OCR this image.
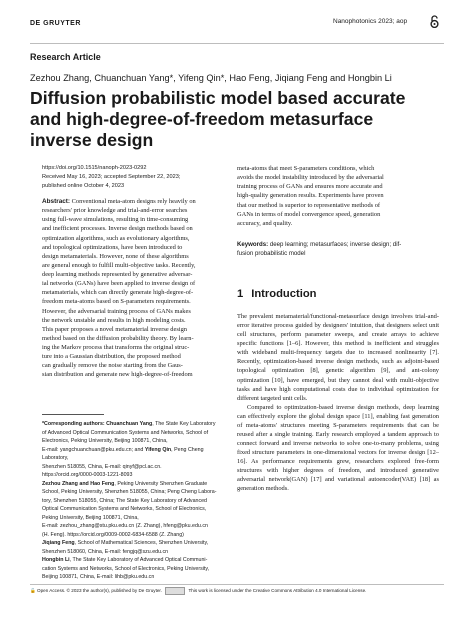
DE GRUYTER	Nanophotonics 2023; aop
Research Article
Zezhou Zhang, Chuanchuan Yang*, Yifeng Qin*, Hao Feng, Jiqiang Feng and Hongbin Li
Diffusion probabilistic model based accurate
and high-degree-of-freedom metasurface
inverse design
https://doi.org/10.1515/nanoph-2023-0292
Received May 16, 2023; accepted September 22, 2023;
published online October 4, 2023
Abstract: Conventional meta-atom designs rely heavily on
researchers' prior knowledge and trial-and-error searches
using full-wave simulations, resulting in time-consuming
and inefficient processes. Inverse design methods based on
optimization algorithms, such as evolutionary algorithms,
and topological optimizations, have been introduced to
design metamaterials. However, none of these algorithms
are general enough to fulfill multi-objective tasks. Recently,
deep learning methods represented by generative adversar-
ial networks (GANs) have been applied to inverse design of
metamaterials, which can directly generate high-degree-of-
freedom meta-atoms based on S-parameters requirements.
However, the adversarial training process of GANs makes
the network unstable and results in high modeling costs.
This paper proposes a novel metamaterial inverse design
method based on the diffusion probability theory. By learn-
ing the Markov process that transforms the original struc-
ture into a Gaussian distribution, the proposed method
can gradually remove the noise starting from the Gaus-
sian distribution and generate new high-degree-of-freedom
*Corresponding authors: Chuanchuan Yang, The State Key Laboratory
of Advanced Optical Communication Systems and Networks, School of
Electronics, Peking University, Beijing 100871, China,
E-mail: yangchuanchuan@pku.edu.cn; and Yifeng Qin, Peng Cheng Laboratory,
Shenzhen 518055, China, E-mail: qinyf@pcl.ac.cn.
https://orcid.org/0000-0003-1221-8093
Zezhou Zhang and Hao Feng, Peking University Shenzhen Graduate
School, Peking University, Shenzhen 518055, China; Peng Cheng Labora-
tory, Shenzhen 518055, China; The State Key Laboratory of Advanced
Optical Communication Systems and Networks, School of Electronics,
Peking University, Beijing 100871, China,
E-mail: zezhou_zhang@stu.pku.edu.cn (Z. Zhang), hfeng@pku.edu.cn
(H. Feng). https://orcid.org/0009-0002-6834-6588 (Z. Zhang)
Jiqiang Feng, School of Mathematical Sciences, Shenzhen University,
Shenzhen 518060, China, E-mail: fengjq@szu.edu.cn
Hongbin Li, The State Key Laboratory of Advanced Optical Communi-
cation Systems and Networks, School of Electronics, Peking University,
Beijing 100871, China, E-mail: lihb@pku.edu.cn
meta-atoms that meet S-parameters conditions, which
avoids the model instability introduced by the adversarial
training process of GANs and ensures more accurate and
high-quality generation results. Experiments have proven
that our method is superior to representative methods of
GANs in terms of model convergence speed, generation
accuracy, and quality.
Keywords: deep learning; metasurfaces; inverse design; dif-
fusion probabilistic model
1 Introduction

The prevalent metamaterial/functional-metasurface design involves trial-and-error iterative process guided by designers' intuition, that designers select unit cell structures, perform parameter sweeps, and create arrays to achieve specific functions [1–6]. However, this method is inefficient and struggles with wideband multi-frequency targets due to increased nonlinearity [7]. Recently, optimization-based inverse design methods, such as adjoint-based topological optimization [8], genetic algorithm [9], and ant-colony optimization [10], have emerged, but they cannot deal with multi-objective tasks and have high computational costs due to individual optimization for different targeted unit cells.

Compared to optimization-based inverse design methods, deep learning can effectively explore the global design space [11], enabling fast generation of meta-atoms' structures meeting S-parameters requirements that can be reused after a single training. Early research employed a tandem approach to connect forward and inverse networks to solve one-to-many problems, using fixed structure parameters in one-dimensional vectors for inverse design [12–16]. As performance requirements grew, researchers explored free-form structures with higher degrees of freedom, and introduced generative adversarial network(GAN) [17] and variational autoencoder(VAE) [18] as generation methods.

🔓 Open Access. © 2023 the author(s), published by De Gruyter.	This work is licensed under the Creative Commons Attribution 4.0 International License.
